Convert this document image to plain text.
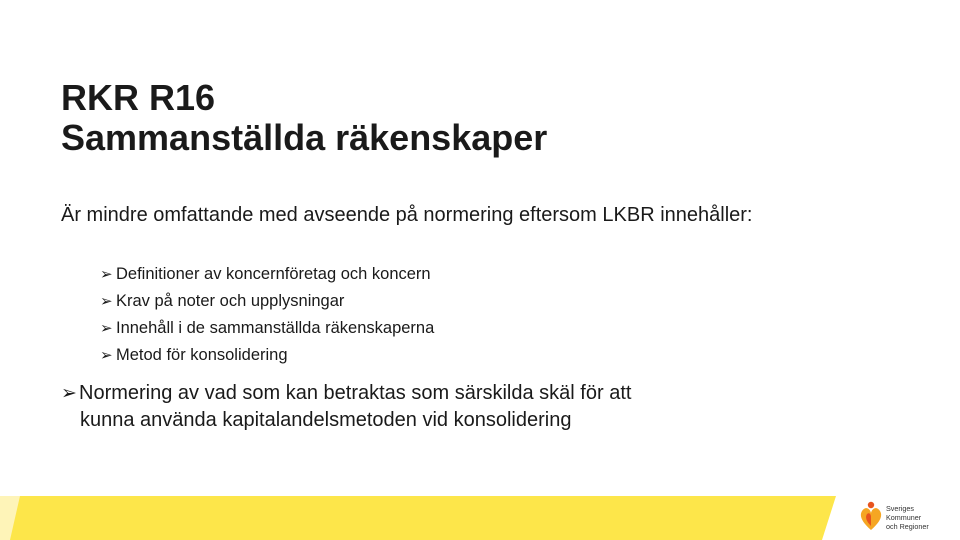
RKR R16
Sammanställda räkenskaper

Är mindre omfattande med avseende på normering eftersom LKBR innehåller:

➢ Definitioner av koncernföretag och koncern
➢ Krav på noter och upplysningar
➢ Innehåll i de sammanställda räkenskaperna
➢ Metod för konsolidering
➢ Normering av vad som kan betraktas som särskilda skäl för att
kunna använda kapitalandelsmetoden vid konsolidering
Sveriges
Kommuner
och Regioner
